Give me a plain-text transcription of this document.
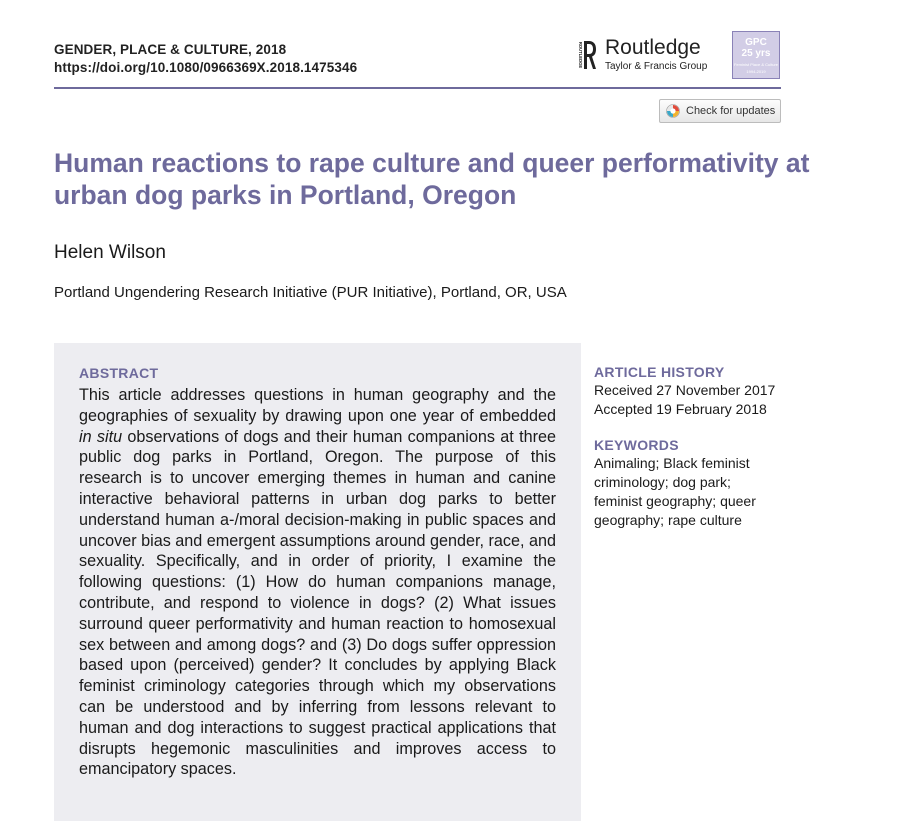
GENDER, PLACE & CULTURE, 2018
https://doi.org/10.1080/0966369X.2018.1475346	ROUTLEDGE Routledge
Taylor & Francis Group
GPC
25 yrs
Feminist Place & Culture
1994-2019
Check for updates
Human reactions to rape culture and queer performativity at urban dog parks in Portland, Oregon
Helen Wilson
Portland Ungendering Research Initiative (PUR Initiative), Portland, OR, USA
ABSTRACT

This article addresses questions in human geography and the geographies of sexuality by drawing upon one year of embedded in situ observations of dogs and their human companions at three public dog parks in Portland, Oregon. The purpose of this research is to uncover emerging themes in human and canine interactive behavioral patterns in urban dog parks to better understand human a-/moral decision-making in public spaces and uncover bias and emergent assumptions around gender, race, and sexuality. Specifically, and in order of priority, I examine the following questions: (1) How do human companions manage, contribute, and respond to violence in dogs? (2) What issues surround queer performativity and human reaction to homosexual sex between and among dogs? and (3) Do dogs suffer oppression based upon (perceived) gender? It concludes by applying Black feminist criminology categories through which my observations can be understood and by inferring from lessons relevant to human and dog interactions to suggest practical applications that disrupts hegemonic masculinities and improves access to emancipatory spaces.

ARTICLE HISTORY
Received 27 November 2017
Accepted 19 February 2018
KEYWORDS
Animaling; Black feminist criminology; dog park; feminist geography; queer geography; rape culture
